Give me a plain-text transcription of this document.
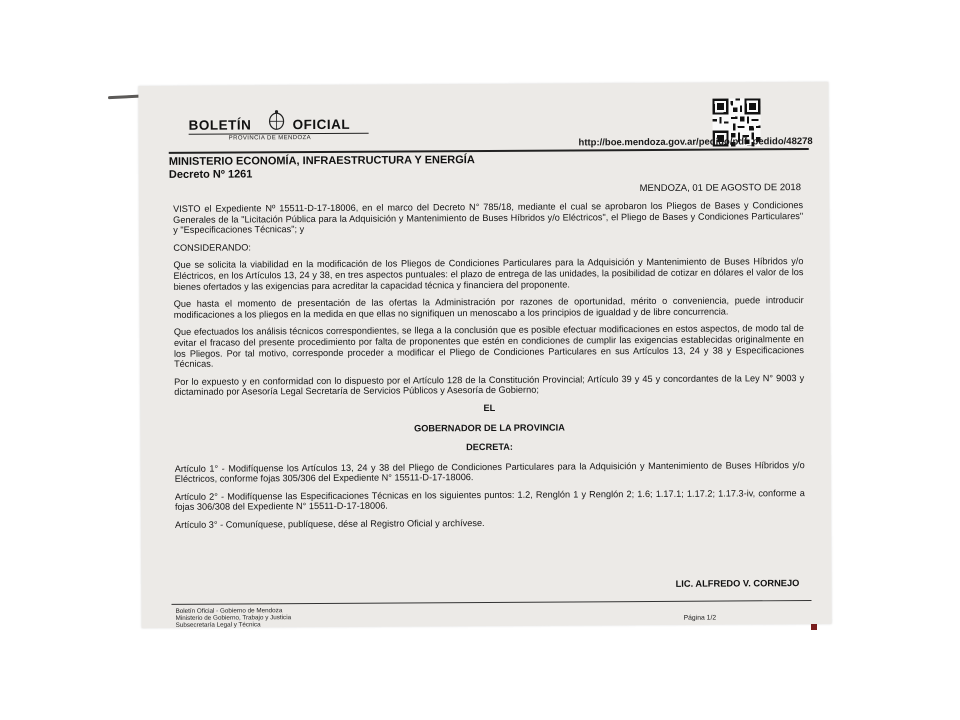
BOLETÍN	OFICIAL
PROVINCIA DE MENDOZA	http://boe.mendoza.gov.ar/pedido/pdf_pedido/48278
MINISTERIO ECONOMÍA, INFRAESTRUCTURA Y ENERGÍA
Decreto Nº 1261
MENDOZA, 01 DE AGOSTO DE 2018

VISTO el Expediente Nº 15511-D-17-18006, en el marco del Decreto N° 785/18, mediante el cual se aprobaron los Pliegos de Bases y Condiciones Generales de la "Licitación Pública para la Adquisición y Mantenimiento de Buses Híbridos y/o Eléctricos", el Pliego de Bases y Condiciones Particulares" y "Especificaciones Técnicas"; y

CONSIDERANDO:

Que se solicita la viabilidad en la modificación de los Pliegos de Condiciones Particulares para la Adquisición y Mantenimiento de Buses Híbridos y/o Eléctricos, en los Artículos 13, 24 y 38, en tres aspectos puntuales: el plazo de entrega de las unidades, la posibilidad de cotizar en dólares el valor de los bienes ofertados y las exigencias para acreditar la capacidad técnica y financiera del proponente.

Que hasta el momento de presentación de las ofertas la Administración por razones de oportunidad, mérito o conveniencia, puede introducir modificaciones a los pliegos en la medida en que ellas no signifiquen un menoscabo a los principios de igualdad y de libre concurrencia.

Que efectuados los análisis técnicos correspondientes, se llega a la conclusión que es posible efectuar modificaciones en estos aspectos, de modo tal de evitar el fracaso del presente procedimiento por falta de proponentes que estén en condiciones de cumplir las exigencias establecidas originalmente en los Pliegos. Por tal motivo, corresponde proceder a modificar el Pliego de Condiciones Particulares en sus Artículos 13, 24 y 38 y Especificaciones Técnicas.

Por lo expuesto y en conformidad con lo dispuesto por el Artículo 128 de la Constitución Provincial; Artículo 39 y 45 y concordantes de la Ley N° 9003 y dictaminado por Asesoría Legal Secretaría de Servicios Públicos y Asesoría de Gobierno;

EL

GOBERNADOR DE LA PROVINCIA

DECRETA:

Artículo 1° - Modifíquense los Artículos 13, 24 y 38 del Pliego de Condiciones Particulares para la Adquisición y Mantenimiento de Buses Híbridos y/o Eléctricos, conforme fojas 305/306 del Expediente N° 15511-D-17-18006.

Artículo 2° - Modifíquense las Especificaciones Técnicas en los siguientes puntos: 1.2, Renglón 1 y Renglón 2; 1.6; 1.17.1; 1.17.2; 1.17.3-iv, conforme a fojas 306/308 del Expediente N° 15511-D-17-18006.

Artículo 3° - Comuníquese, publíquese, dése al Registro Oficial y archívese.

LIC. ALFREDO V. CORNEJO
Boletín Oficial - Gobierno de Mendoza
Ministerio de Gobierno, Trabajo y Justicia
Subsecretaría Legal y Técnica
Página 1/2
